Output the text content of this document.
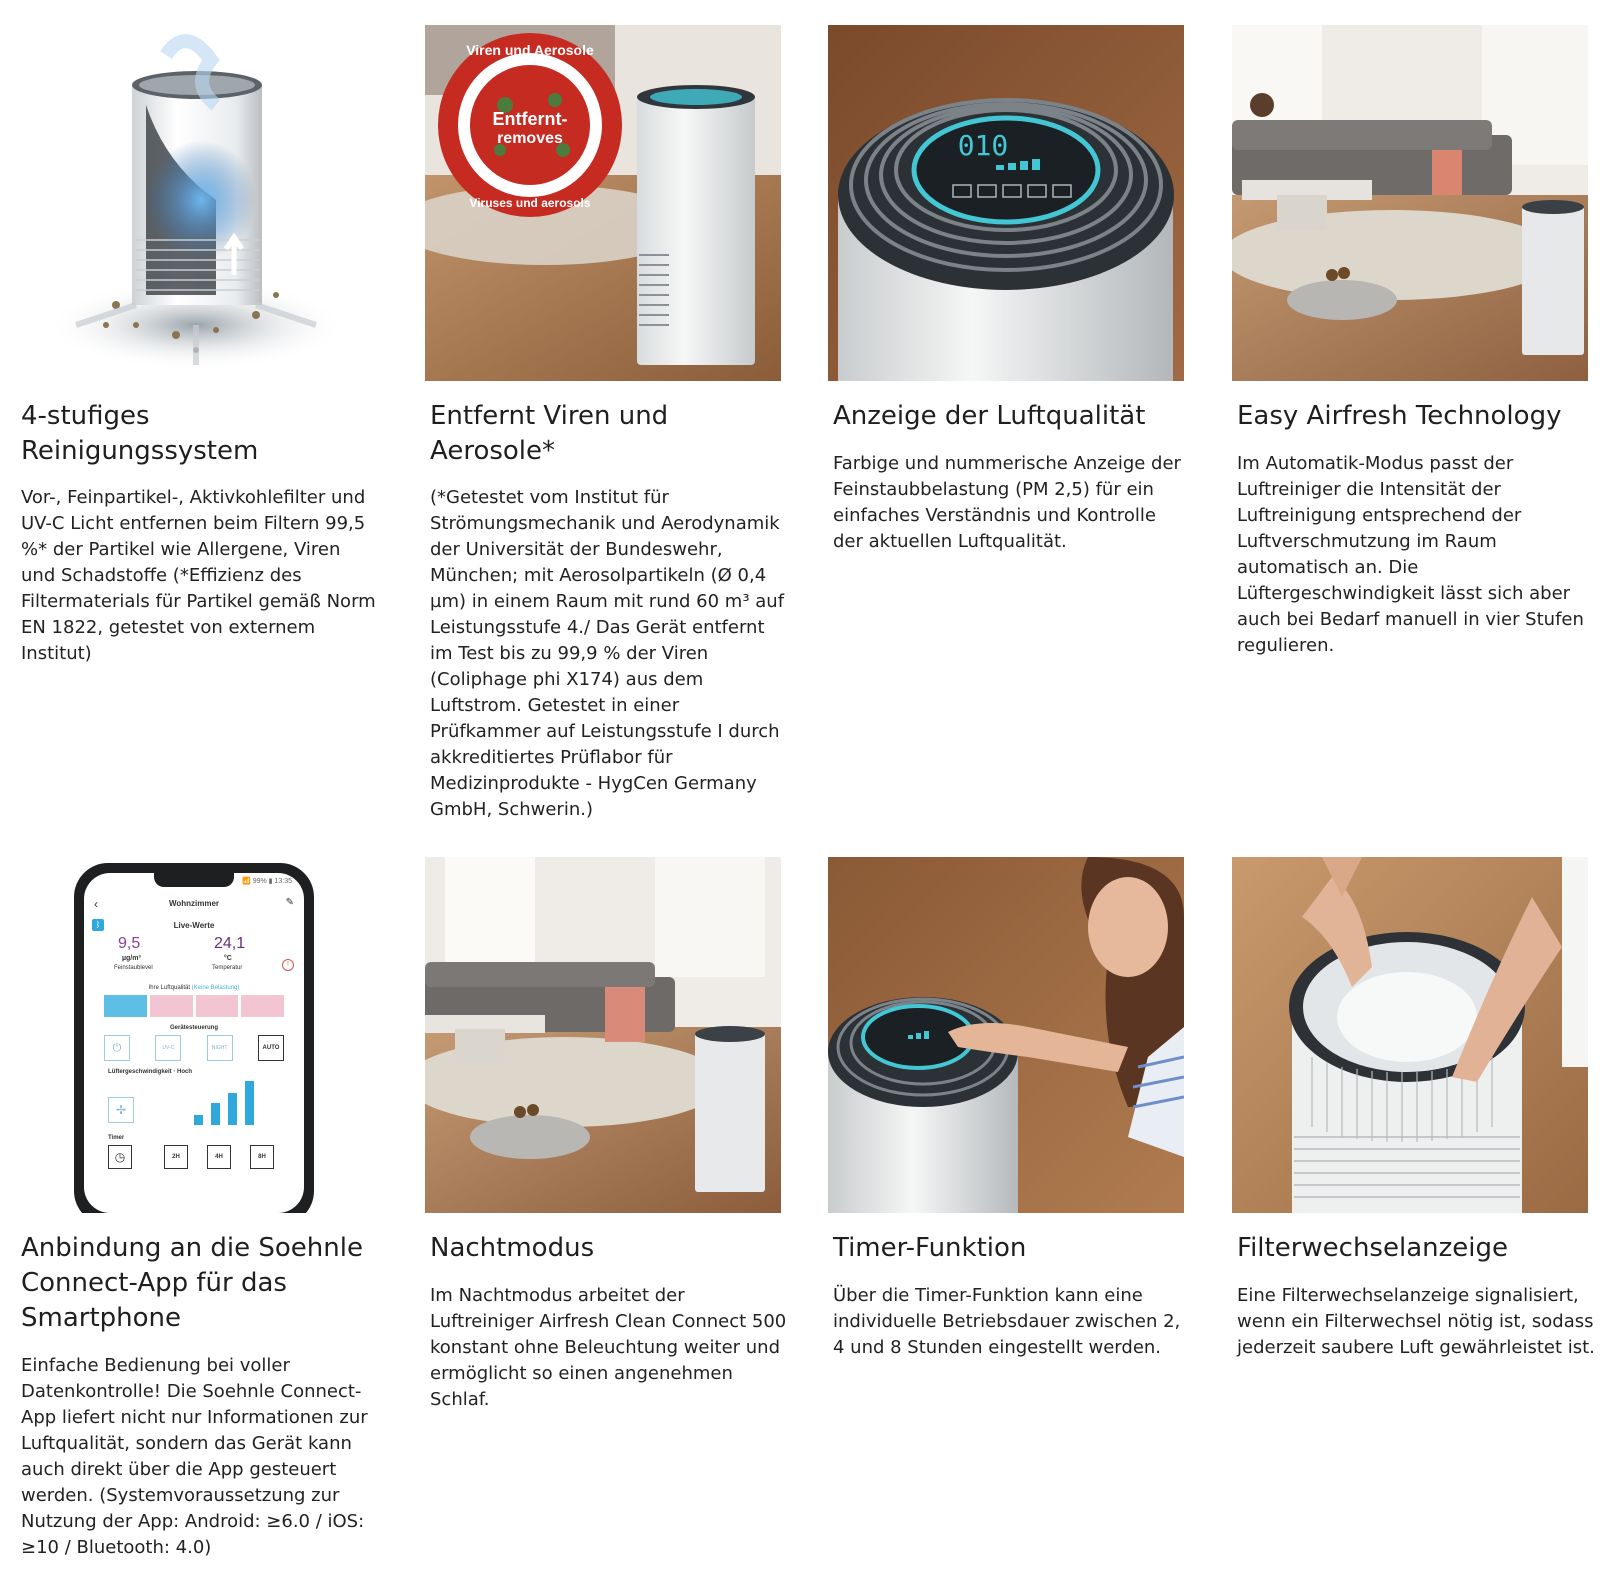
4-stufiges Reinigungssystem

Vor-, Feinpartikel-, Aktivkohlefilter und UV-C Licht entfernen beim Filtern 99,5 %* der Partikel wie Allergene, Viren und Schadstoffe (*Effizienz des Filtermaterials für Partikel gemäß Norm EN 1822, getestet von externem Institut)

Viren und Aerosole
Entfernt-
removes
Viruses und aerosols
Entfernt Viren und Aerosole*

(*Getestet vom Institut für Strömungsmechanik und Aerodynamik der Universität der Bundeswehr, München; mit Aerosolpartikeln (Ø 0,4 µm) in einem Raum mit rund 60 m³ auf Leistungsstufe 4./ Das Gerät entfernt im Test bis zu 99,9 % der Viren (Coliphage phi X174) aus dem Luftstrom. Getestet in einer Prüfkammer auf Leistungsstufe I durch akkreditiertes Prüflabor für Medizinprodukte - HygCen Germany GmbH, Schwerin.)

010
Anzeige der Luftqualität

Farbige und nummerische Anzeige der Feinstaubbelastung (PM 2,5) für ein einfaches Verständnis und Kontrolle der aktuellen Luftqualität.

Easy Airfresh Technology

Im Automatik-Modus passt der Luftreiniger die Intensität der Luftreinigung entsprechend der Luftverschmutzung im Raum automatisch an. Die Lüftergeschwindigkeit lässt sich aber auch bei Bedarf manuell in vier Stufen regulieren.

📶 99% ▮ 13:35
‹	Wohnzimmer	✎
Live-Werte
ᛒ
9,5
µg/m³
Feinstaublevel
24,1
°C
Temperatur	!
Ihre Luftqualität (Keine Belastung)
Gerätesteuerung
⏻	UV-C	NIGHT	AUTO
Lüftergeschwindigkeit · Hoch
✢
Timer
◷	2H	4H	8H
Anbindung an die Soehnle Connect-App für das Smartphone

Einfache Bedienung bei voller Datenkontrolle! Die Soehnle Connect-App liefert nicht nur Informationen zur Luftqualität, sondern das Gerät kann auch direkt über die App gesteuert werden. (Systemvoraussetzung zur Nutzung der App: Android: ≥6.0 / iOS: ≥10 / Bluetooth: 4.0)

Nachtmodus

Im Nachtmodus arbeitet der Luftreiniger Airfresh Clean Connect 500 konstant ohne Beleuchtung weiter und ermöglicht so einen angenehmen Schlaf.

Timer-Funktion

Über die Timer-Funktion kann eine individuelle Betriebsdauer zwischen 2, 4 und 8 Stunden eingestellt werden.

Filterwechselanzeige

Eine Filterwechselanzeige signalisiert, wenn ein Filterwechsel nötig ist, sodass jederzeit saubere Luft gewährleistet ist.
